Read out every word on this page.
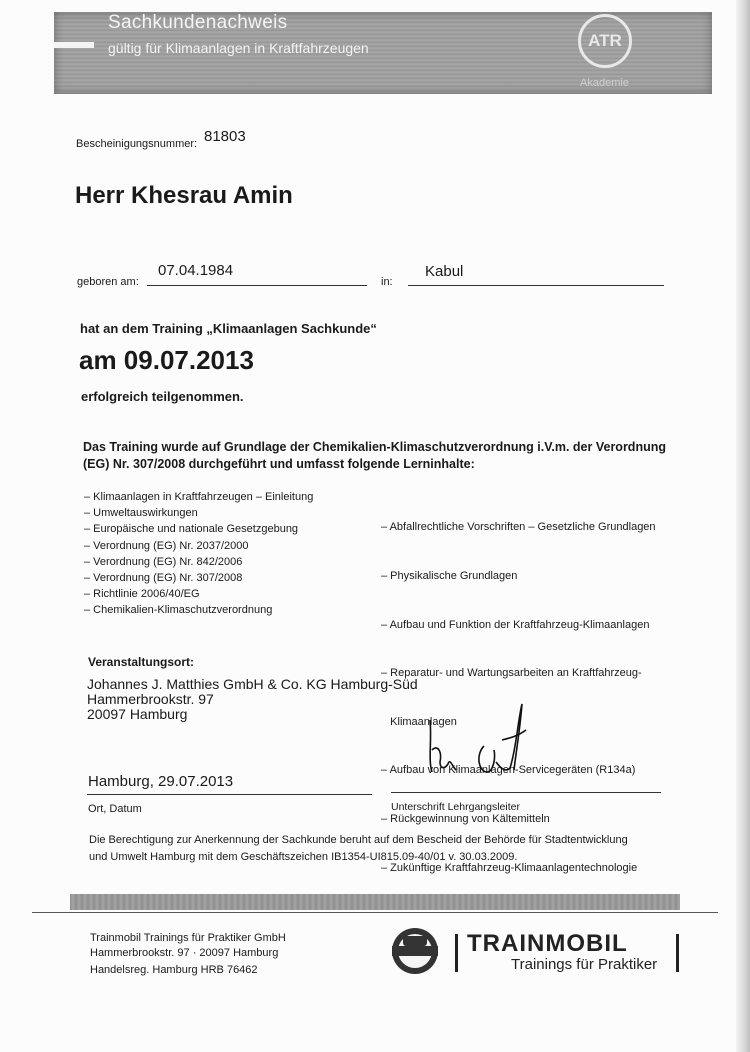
Sachkundenachweis
gültig für Klimaanlagen in Kraftfahrzeugen	ATR
Akademie
Bescheinigungsnummer: 81803
Herr Khesrau Amin
geboren am:
07.04.1984
in:
Kabul
hat an dem Training „Klimaanlagen Sachkunde“
am 09.07.2013
erfolgreich teilgenommen.
Das Training wurde auf Grundlage der Chemikalien-Klimaschutzverordnung i.V.m. der Verordnung
(EG) Nr. 307/2008 durchgeführt und umfasst folgende Lerninhalte:
– Klimaanlagen in Kraftfahrzeugen – Einleitung
– Umweltauswirkungen
– Europäische und nationale Gesetzgebung
– Verordnung (EG) Nr. 2037/2000
– Verordnung (EG) Nr. 842/2006
– Verordnung (EG) Nr. 307/2008
– Richtlinie 2006/40/EG
– Chemikalien-Klimaschutzverordnung

– Abfallrechtliche Vorschriften – Gesetzliche Grundlagen

– Physikalische Grundlagen

– Aufbau und Funktion der Kraftfahrzeug-Klimaanlagen

– Reparatur- und Wartungsarbeiten an Kraftfahrzeug-

Klimaanlagen

– Aufbau von Klimaanlagen-Servicegeräten (R134a)

– Rückgewinnung von Kältemitteln

– Zukünftige Kraftfahrzeug-Klimaanlagentechnologie

Veranstaltungsort:
Johannes J. Matthies GmbH & Co. KG Hamburg-Süd
Hammerbrookstr. 97
20097 Hamburg
Hamburg, 29.07.2013
Ort, Datum	Unterschrift Lehrgangsleiter
Die Berechtigung zur Anerkennung der Sachkunde beruht auf dem Bescheid der Behörde für Stadtentwicklung
und Umwelt Hamburg mit dem Geschäftszeichen IB1354-UI815.09-40/01 v. 30.03.2009.
Trainmobil Trainings für Praktiker GmbH
Hammerbrookstr. 97 · 20097 Hamburg
Handelsreg. Hamburg HRB 76462
TRAINMOBIL
Trainings für Praktiker
